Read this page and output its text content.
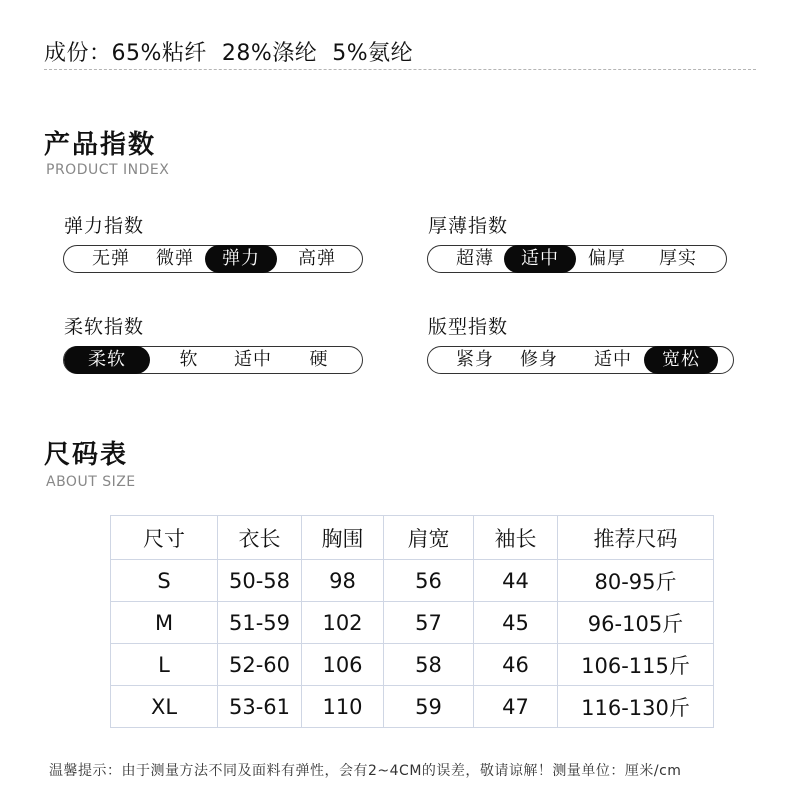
成份：65%粘纤  28%涤纶  5%氨纶
产品指数
PRODUCT INDEX
弹力指数
无弹	微弹	弹力	高弹
厚薄指数
超薄	适中	偏厚	厚实
柔软指数
柔软	软	适中	硬
版型指数
紧身	修身	适中	宽松
尺码表
ABOUT SIZE
尺寸	衣长	胸围	肩宽	袖长	推荐尺码
S	50-58	98	56	44	80-95斤
M	51-59	102	57	45	96-105斤
L	52-60	106	58	46	106-115斤
XL	53-61	110	59	47	116-130斤
温馨提示：由于测量方法不同及面料有弹性，会有2~4CM的误差，敬请谅解！测量单位：厘米/cm
